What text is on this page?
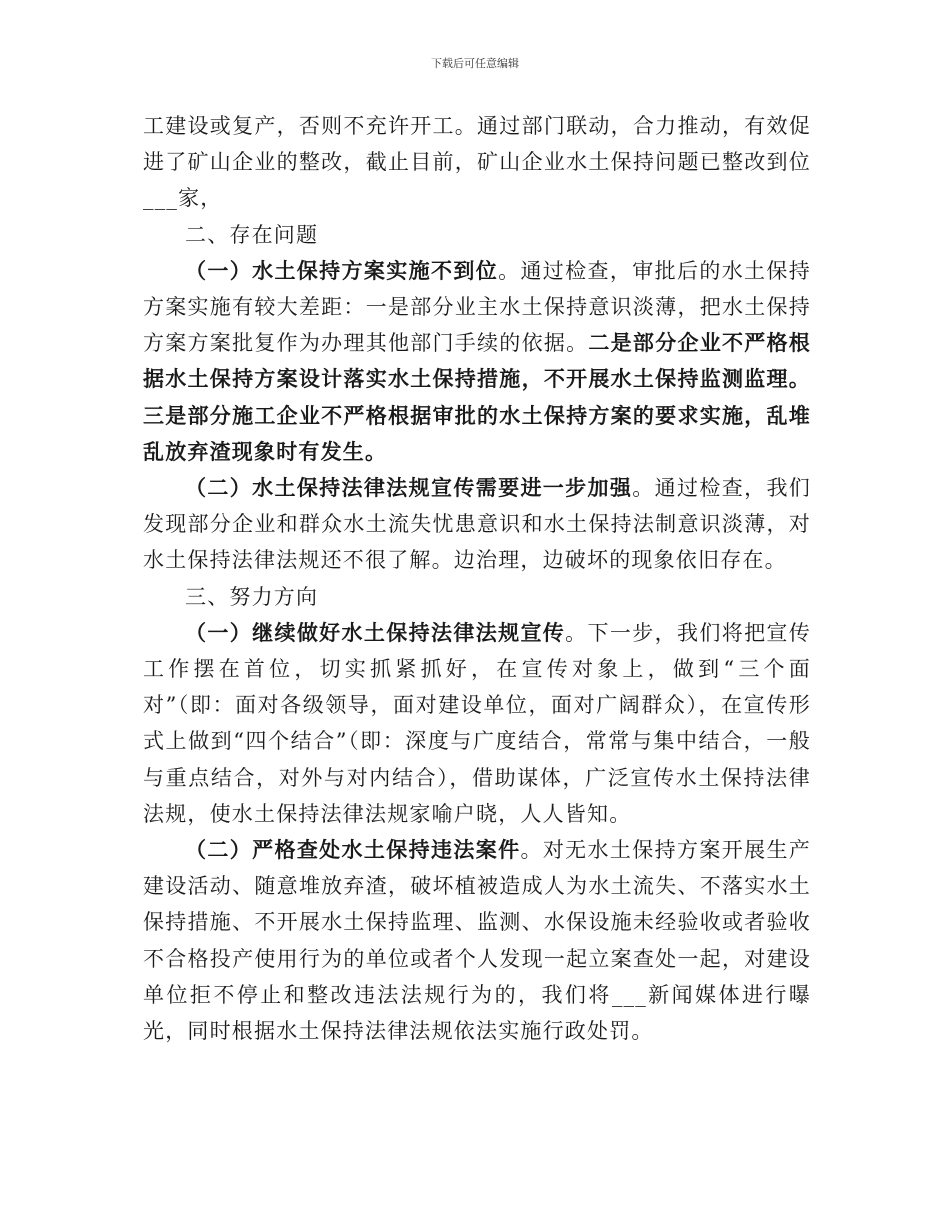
下载后可任意编辑

工建设或复产，否则不充许开工。通过部门联动，合力推动，有效促进了矿山企业的整改，截止目前，矿山企业水土保持问题已整改到位___家，

二、存在问题

（一）水土保持方案实施不到位。通过检查，审批后的水土保持方案实施有较大差距：一是部分业主水土保持意识淡薄，把水土保持方案方案批复作为办理其他部门手续的依据。二是部分企业不严格根据水土保持方案设计落实水土保持措施，不开展水土保持监测监理。三是部分施工企业不严格根据审批的水土保持方案的要求实施，乱堆乱放弃渣现象时有发生。

（二）水土保持法律法规宣传需要进一步加强。通过检查，我们发现部分企业和群众水土流失忧患意识和水土保持法制意识淡薄，对水土保持法律法规还不很了解。边治理，边破坏的现象依旧存在。

三、努力方向

（一）继续做好水土保持法律法规宣传。下一步，我们将把宣传工作摆在首位，切实抓紧抓好，在宣传对象上，做到“三个面对”（即：面对各级领导，面对建设单位，面对广阔群众），在宣传形式上做到“四个结合”（即：深度与广度结合，常常与集中结合，一般与重点结合，对外与对内结合），借助谋体，广泛宣传水土保持法律法规，使水土保持法律法规家喻户晓，人人皆知。

（二）严格查处水土保持违法案件。对无水土保持方案开展生产建设活动、随意堆放弃渣，破坏植被造成人为水土流失、不落实水土保持措施、不开展水土保持监理、监测、水保设施未经验收或者验收不合格投产使用行为的单位或者个人发现一起立案查处一起，对建设单位拒不停止和整改违法法规行为的，我们将___新闻媒体进行曝光，同时根据水土保持法律法规依法实施行政处罚。
